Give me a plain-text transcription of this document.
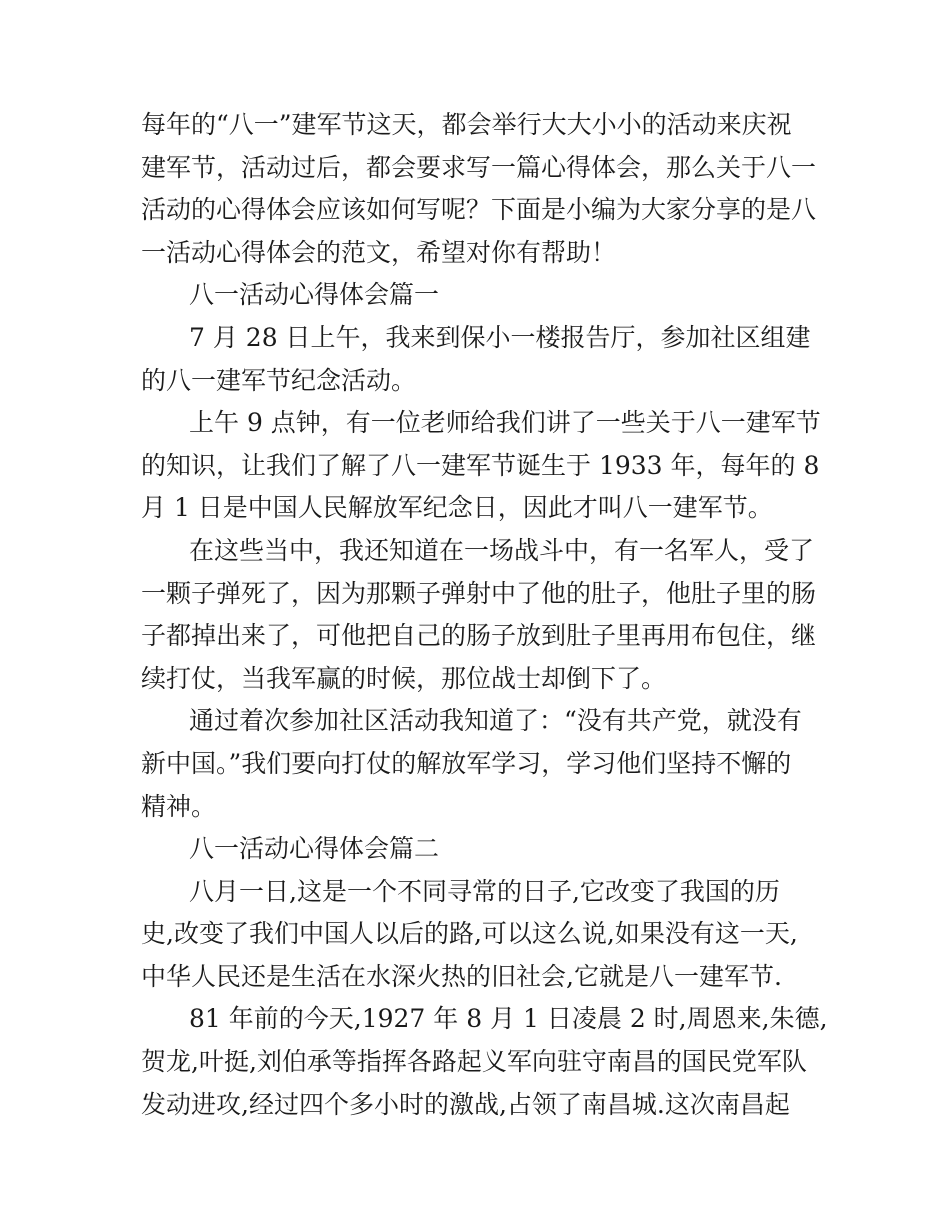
每年的“八一”建军节这天，都会举行大大小小的活动来庆祝
建军节，活动过后，都会要求写一篇心得体会，那么关于八一
活动的心得体会应该如何写呢？下面是小编为大家分享的是八
一活动心得体会的范文，希望对你有帮助！
八一活动心得体会篇一
7 月 28 日上午，我来到保小一楼报告厅，参加社区组建
的八一建军节纪念活动。
上午 9 点钟，有一位老师给我们讲了一些关于八一建军节
的知识，让我们了解了八一建军节诞生于 1933 年，每年的 8
月 1 日是中国人民解放军纪念日，因此才叫八一建军节。
在这些当中，我还知道在一场战斗中，有一名军人，受了
一颗子弹死了，因为那颗子弹射中了他的肚子，他肚子里的肠
子都掉出来了，可他把自己的肠子放到肚子里再用布包住，继
续打仗，当我军赢的时候，那位战士却倒下了。
通过着次参加社区活动我知道了：“没有共产党，就没有
新中国。”我们要向打仗的解放军学习，学习他们坚持不懈的
精神。
八一活动心得体会篇二
八月一日,这是一个不同寻常的日子,它改变了我国的历
史,改变了我们中国人以后的路,可以这么说,如果没有这一天,
中华人民还是生活在水深火热的旧社会,它就是八一建军节.
81 年前的今天,1927 年 8 月 1 日凌晨 2 时,周恩来,朱德,
贺龙,叶挺,刘伯承等指挥各路起义军向驻守南昌的国民党军队
发动进攻,经过四个多小时的激战,占领了南昌城.这次南昌起
